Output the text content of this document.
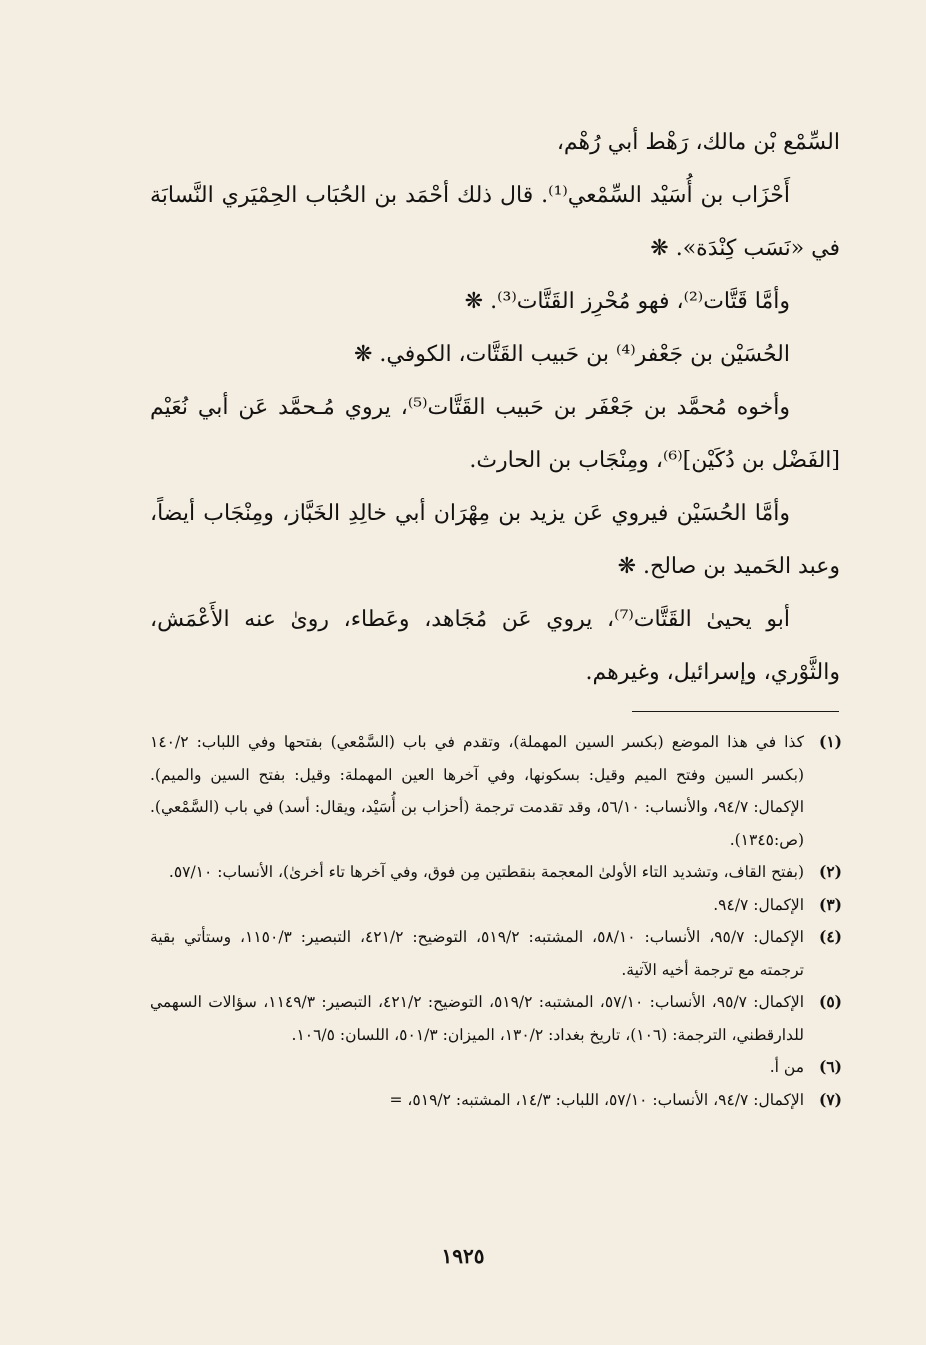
السِّمْع بْن مالك، رَهْط أبي رُهْم،

أَحْزَاب بن أُسَيْد السِّمْعي⁽¹⁾. قال ذلك أحْمَد بن الحُبَاب الحِمْيَري النَّسابَة في «نَسَب كِنْدَة». ❋

وأمَّا قَتَّات⁽²⁾، فهو مُحْرِز القَتَّات⁽³⁾. ❋

الحُسَيْن بن جَعْفر⁽⁴⁾ بن حَبيب القَتَّات، الكوفي. ❋

وأخوه مُحمَّد بن جَعْفَر بن حَبيب القَتَّات⁽⁵⁾، يروي مُـحمَّد عَن أبي نُعَيْم [الفَضْل بن دُكَيْن]⁽⁶⁾، ومِنْجَاب بن الحارث.

وأمَّا الحُسَيْن فيروي عَن يزيد بن مِهْرَان أبي خالِدِ الخَبَّاز، ومِنْجَاب أيضاً، وعبد الحَميد بن صالح. ❋

أبو يحيىٰ القَتَّات⁽⁷⁾، يروي عَن مُجَاهد، وعَطاء، روىٰ عنه الأَعْمَش، والثَّوْري، وإسرائيل، وغيرهم.

(١)
كذا في هذا الموضع (بكسر السين المهملة)، وتقدم في باب (السَّمْعي) بفتحها وفي اللباب: ١٤٠/٢ (بكسر السين وفتح الميم وقيل: بسكونها، وفي آخرها العين المهملة: وقيل: بفتح السين والميم). الإكمال: ٩٤/٧، والأنساب: ٥٦/١٠، وقد تقدمت ترجمة (أحزاب بن أُسَيْد، ويقال: أسد) في باب (السَّمْعي).(ص:١٣٤٥).
(٢)
(بفتح القاف، وتشديد التاء الأولىٰ المعجمة بنقطتين مِن فوق، وفي آخرها تاء أخرىٰ)، الأنساب: ٥٧/١٠.
(٣)
الإكمال: ٩٤/٧.
(٤)
الإكمال: ٩٥/٧، الأنساب: ٥٨/١٠، المشتبه: ٥١٩/٢، التوضيح: ٤٢١/٢، التبصير: ١١٥٠/٣، وستأتي بقية ترجمته مع ترجمة أخيه الآتية.
(٥)
الإكمال: ٩٥/٧، الأنساب: ٥٧/١٠، المشتبه: ٥١٩/٢، التوضيح: ٤٢١/٢، التبصير: ١١٤٩/٣، سؤالات السهمي للدارقطني، الترجمة: (١٠٦)، تاريخ بغداد: ١٣٠/٢، الميزان: ٥٠١/٣، اللسان: ١٠٦/٥.
(٦)
من أ.
(٧)
الإكمال: ٩٤/٧، الأنساب: ٥٧/١٠، اللباب: ١٤/٣، المشتبه: ٥١٩/٢، =
١٩٢٥
